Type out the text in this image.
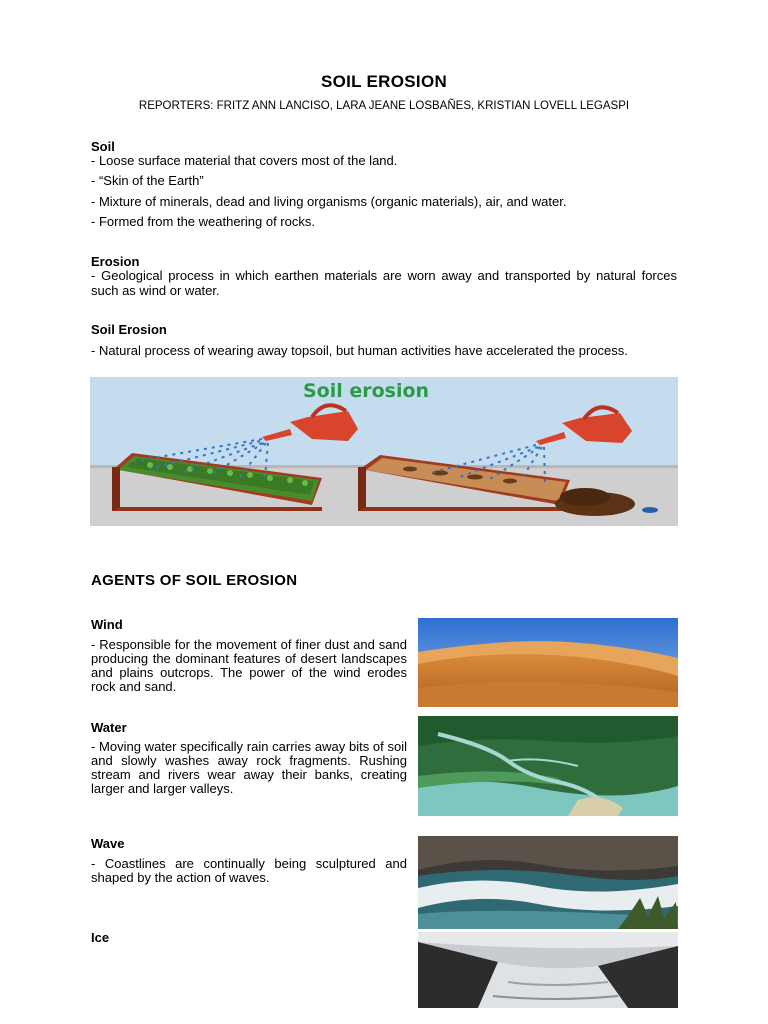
SOIL EROSION
REPORTERS: FRITZ ANN LANCISO, LARA JEANE LOSBAÑES, KRISTIAN LOVELL LEGASPI
Soil
- Loose surface material that covers most of the land.
- “Skin of the Earth”
- Mixture of minerals, dead and living organisms (organic materials), air, and water.
- Formed from the weathering of rocks.
Erosion
- Geological process in which earthen materials are worn away and transported by natural forces such as wind or water.
Soil Erosion
- Natural process of wearing away topsoil, but human activities have accelerated the process.
Soil erosion
AGENTS OF SOIL EROSION
Wind
- Responsible for the movement of finer dust and sand producing the dominant features of desert landscapes and plains outcrops. The power of the wind erodes rock and sand.
Water
- Moving water specifically rain carries away bits of soil and slowly washes away rock fragments. Rushing stream and rivers wear away their banks, creating larger and larger valleys.
Wave
- Coastlines are continually being sculptured and shaped by the action of waves.
Ice
